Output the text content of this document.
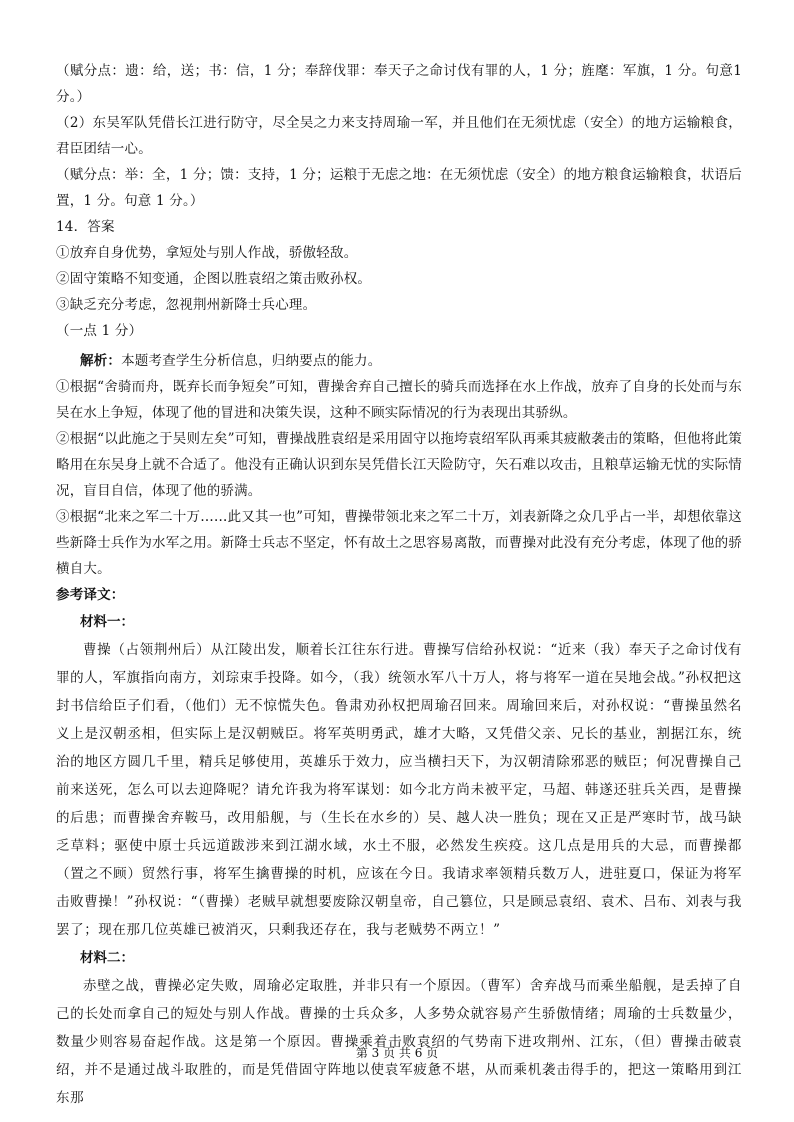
（赋分点：遗：给，送；书：信，1 分；奉辞伐罪：奉天子之命讨伐有罪的人，1 分；旌麾：军旗，1 分。句意1 分。）

（2）东吴军队凭借长江进行防守，尽全吴之力来支持周瑜一军，并且他们在无须忧虑（安全）的地方运输粮食，君臣团结一心。

（赋分点：举：全，1 分；馈：支持，1 分；运粮于无虑之地：在无须忧虑（安全）的地方粮食运输粮食，状语后置，1 分。句意 1 分。）

14．答案

①放弃自身优势，拿短处与别人作战，骄傲轻敌。

②固守策略不知变通，企图以胜袁绍之策击败孙权。

③缺乏充分考虑，忽视荆州新降士兵心理。

（一点 1 分）

解析：本题考查学生分析信息，归纳要点的能力。

①根据“舍骑而舟，既弃长而争短矣”可知，曹操舍弃自己擅长的骑兵而选择在水上作战，放弃了自身的长处而与东吴在水上争短，体现了他的冒进和决策失误，这种不顾实际情况的行为表现出其骄纵。

②根据“以此施之于吴则左矣”可知，曹操战胜袁绍是采用固守以拖垮袁绍军队再乘其疲敝袭击的策略，但他将此策略用在东吴身上就不合适了。他没有正确认识到东吴凭借长江天险防守，矢石难以攻击，且粮草运输无忧的实际情况，盲目自信，体现了他的骄满。

③根据“北来之军二十万……此又其一也”可知，曹操带领北来之军二十万，刘表新降之众几乎占一半，却想依靠这些新降士兵作为水军之用。新降士兵志不坚定，怀有故土之思容易离散，而曹操对此没有充分考虑，体现了他的骄横自大。

参考译文：

材料一：

曹操（占领荆州后）从江陵出发，顺着长江往东行进。曹操写信给孙权说：“近来（我）奉天子之命讨伐有罪的人，军旗指向南方，刘琮束手投降。如今，（我）统领水军八十万人，将与将军一道在吴地会战。”孙权把这封书信给臣子们看，（他们）无不惊慌失色。鲁肃劝孙权把周瑜召回来。周瑜回来后，对孙权说：“曹操虽然名义上是汉朝丞相，但实际上是汉朝贼臣。将军英明勇武，雄才大略，又凭借父亲、兄长的基业，割据江东，统治的地区方圆几千里，精兵足够使用，英雄乐于效力，应当横扫天下，为汉朝清除邪恶的贼臣；何况曹操自己前来送死，怎么可以去迎降呢？请允许我为将军谋划：如今北方尚未被平定，马超、韩遂还驻兵关西，是曹操的后患；而曹操舍弃鞍马，改用船舰，与（生长在水乡的）吴、越人决一胜负；现在又正是严寒时节，战马缺乏草料；驱使中原士兵远道跋涉来到江湖水域，水土不服，必然发生疾疫。这几点是用兵的大忌，而曹操都（置之不顾）贸然行事，将军生擒曹操的时机，应该在今日。我请求率领精兵数万人，进驻夏口，保证为将军击败曹操！”孙权说：“（曹操）老贼早就想要废除汉朝皇帝，自己篡位，只是顾忌袁绍、袁术、吕布、刘表与我罢了；现在那几位英雄已被消灭，只剩我还存在，我与老贼势不两立！”

材料二：

赤壁之战，曹操必定失败，周瑜必定取胜，并非只有一个原因。（曹军）舍弃战马而乘坐船舰，是丢掉了自己的长处而拿自己的短处与别人作战。曹操的士兵众多，人多势众就容易产生骄傲情绪；周瑜的士兵数量少，数量少则容易奋起作战。这是第一个原因。曹操乘着击败袁绍的气势南下进攻荆州、江东，（但）曹操击破袁绍，并不是通过战斗取胜的，而是凭借固守阵地以使袁军疲惫不堪，从而乘机袭击得手的，把这一策略用到江东那

第 3 页 共 6 页
